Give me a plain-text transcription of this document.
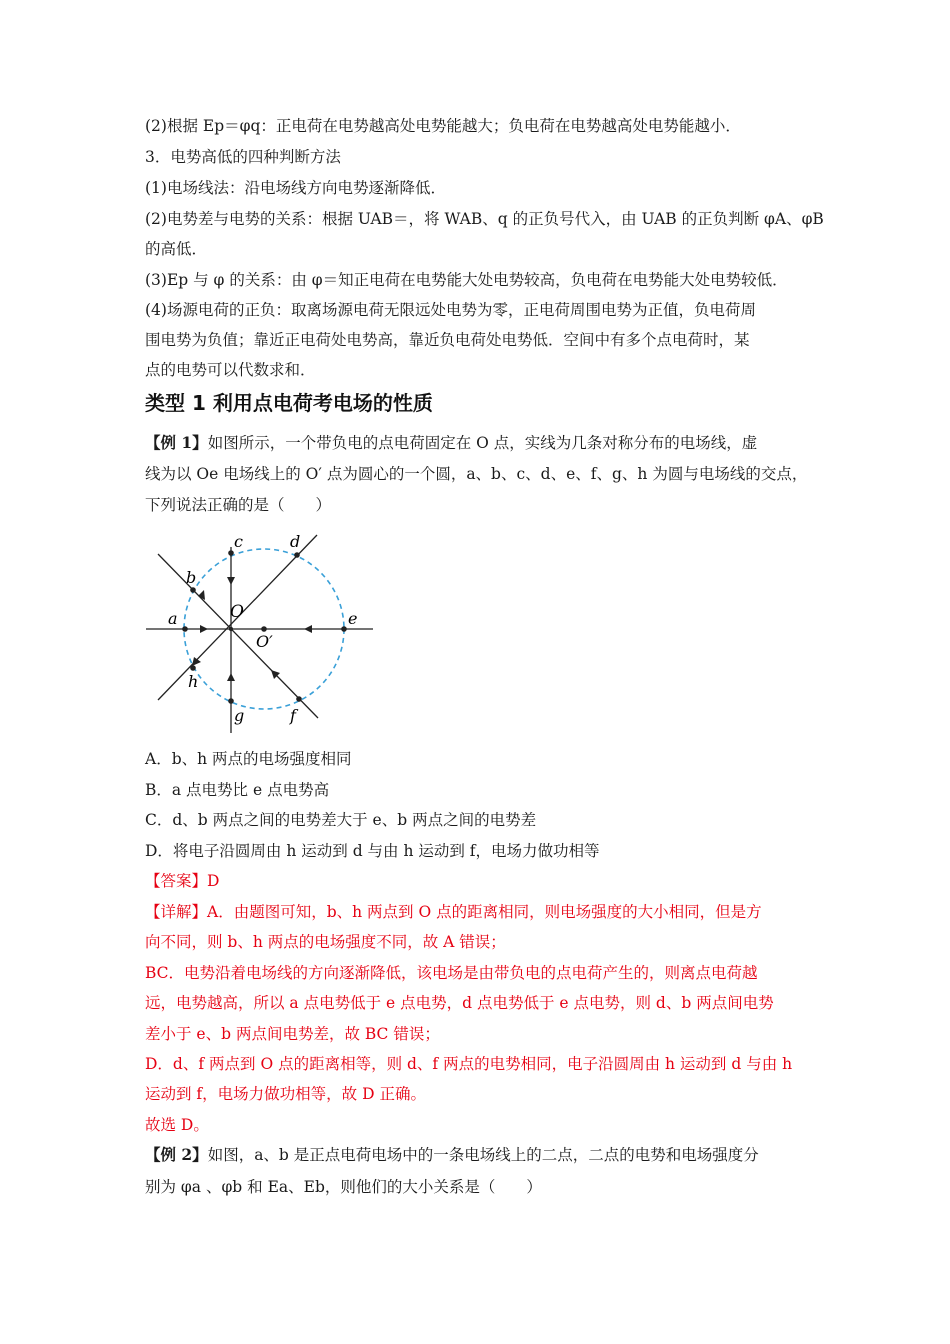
(2)根据 Ep＝φq：正电荷在电势越高处电势能越大；负电荷在电势越高处电势能越小．
3．电势高低的四种判断方法
(1)电场线法：沿电场线方向电势逐渐降低．
(2)电势差与电势的关系：根据 UAB＝，将 WAB、q 的正负号代入，由 UAB 的正负判断 φA、φB
的高低．
(3)Ep 与 φ 的关系：由 φ＝知正电荷在电势能大处电势较高，负电荷在电势能大处电势较低．
(4)场源电荷的正负：取离场源电荷无限远处电势为零，正电荷周围电势为正值，负电荷周
围电势为负值；靠近正电荷处电势高，靠近负电荷处电势低．空间中有多个点电荷时，某
点的电势可以代数求和．
类型 1 利用点电荷考电场的性质
【例 1】如图所示，一个带负电的点电荷固定在 O 点，实线为几条对称分布的电场线，虚
线为以 Oe 电场线上的 O′ 点为圆心的一个圆，a、b、c、d、e、f、g、h 为圆与电场线的交点，
下列说法正确的是（　　）
a
b
c	d
e
f
g
h
O
O′
A．b、h 两点的电场强度相同
B．a 点电势比 e 点电势高
C．d、b 两点之间的电势差大于 e、b 两点之间的电势差
D．将电子沿圆周由 h 运动到 d 与由 h 运动到 f，电场力做功相等
【答案】D
【详解】A．由题图可知，b、h 两点到 O 点的距离相同，则电场强度的大小相同，但是方
向不同，则 b、h 两点的电场强度不同，故 A 错误；
BC．电势沿着电场线的方向逐渐降低，该电场是由带负电的点电荷产生的，则离点电荷越
远，电势越高，所以 a 点电势低于 e 点电势，d 点电势低于 e 点电势，则 d、b 两点间电势
差小于 e、b 两点间电势差，故 BC 错误；
D．d、f 两点到 O 点的距离相等，则 d、f 两点的电势相同，电子沿圆周由 h 运动到 d 与由 h
运动到 f，电场力做功相等，故 D 正确。
故选 D。
【例 2】如图，a、b 是正点电荷电场中的一条电场线上的二点，二点的电势和电场强度分
别为 φa 、φb 和 Ea、Eb，则他们的大小关系是（　　）
